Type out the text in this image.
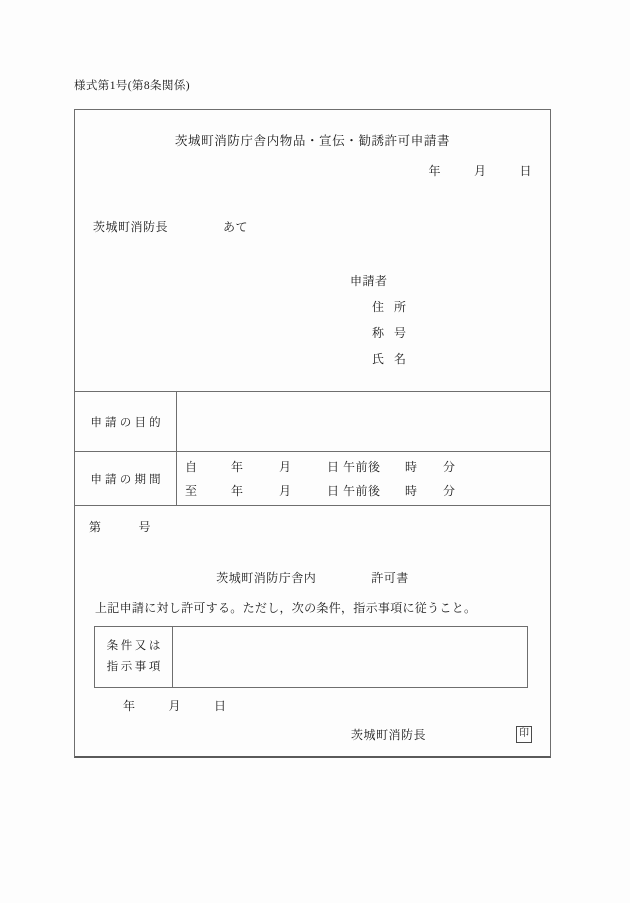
様式第1号(第8条関係)
茨城町消防庁舎内物品・宣伝・勧誘許可申請書
年	月	日
茨城町消防長	あて
申請者
住 所
称 号
氏 名
申請の目的
申請の期間
自	年	月	日 午前後 時 分
至	年	月	日 午前後 時 分
第	号
茨城町消防庁舎内	許可書
上記申請に対し許可する。ただし，次の条件，指示事項に従うこと。
条件又は
指示事項
年	月	日
茨城町消防長	印
